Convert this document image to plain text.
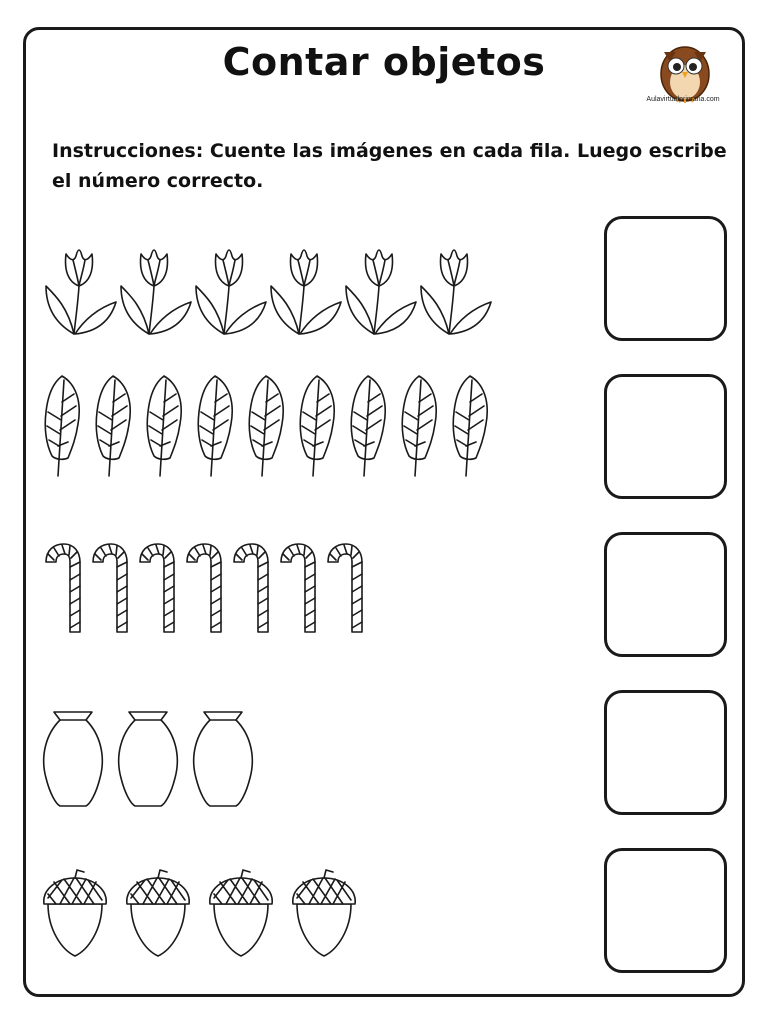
Contar objetos
Aulavirtualprimaria.com
Instrucciones: Cuente las imágenes en cada fila. Luego escribe el número correcto.
